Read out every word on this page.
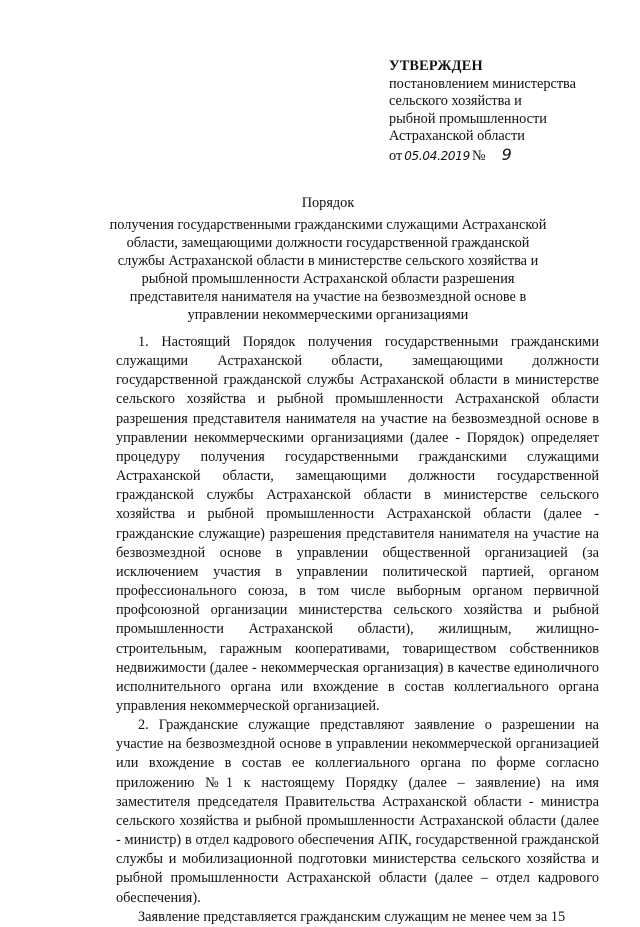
УТВЕРЖДЕН
постановлением министерства
сельского хозяйства и
рыбной промышленности
Астраханской области
от 05.04.2019 № 9
Порядок
получения государственными гражданскими служащими Астраханской области, замещающими должности государственной гражданской службы Астраханской области в министерстве сельского хозяйства и рыбной промышленности Астраханской области разрешения представителя нанимателя на участие на безвозмездной основе в управлении некоммерческими организациями

1. Настоящий Порядок получения государственными гражданскими служащими Астраханской области, замещающими должности государственной гражданской службы Астраханской области в министерстве сельского хозяйства и рыбной промышленности Астраханской области разрешения представителя нанимателя на участие на безвозмездной основе в управлении некоммерческими организациями (далее - Порядок) определяет процедуру получения государственными гражданскими служащими Астраханской области, замещающими должности государственной гражданской службы Астраханской области в министерстве сельского хозяйства и рыбной промышленности Астраханской области (далее - гражданские служащие) разрешения представителя нанимателя на участие на безвозмездной основе в управлении общественной организацией (за исключением участия в управлении политической партией, органом профессионального союза, в том числе выборным органом первичной профсоюзной организации министерства сельского хозяйства и рыбной промышленности Астраханской области), жилищным, жилищно-строительным, гаражным кооперативами, товариществом собственников недвижимости (далее - некоммерческая организация) в качестве единоличного исполнительного органа или вхождение в состав коллегиального органа управления некоммерческой организацией.

2. Гражданские служащие представляют заявление о разрешении на участие на безвозмездной основе в управлении некоммерческой организацией или вхождение в состав ее коллегиального органа по форме согласно приложению №1 к настоящему Порядку (далее – заявление) на имя заместителя председателя Правительства Астраханской области - министра сельского хозяйства и рыбной промышленности Астраханской области (далее - министр) в отдел кадрового обеспечения АПК, государственной гражданской службы и мобилизационной подготовки министерства сельского хозяйства и рыбной промышленности Астраханской области (далее – отдел кадрового обеспечения).

Заявление представляется гражданским служащим не менее чем за 15
